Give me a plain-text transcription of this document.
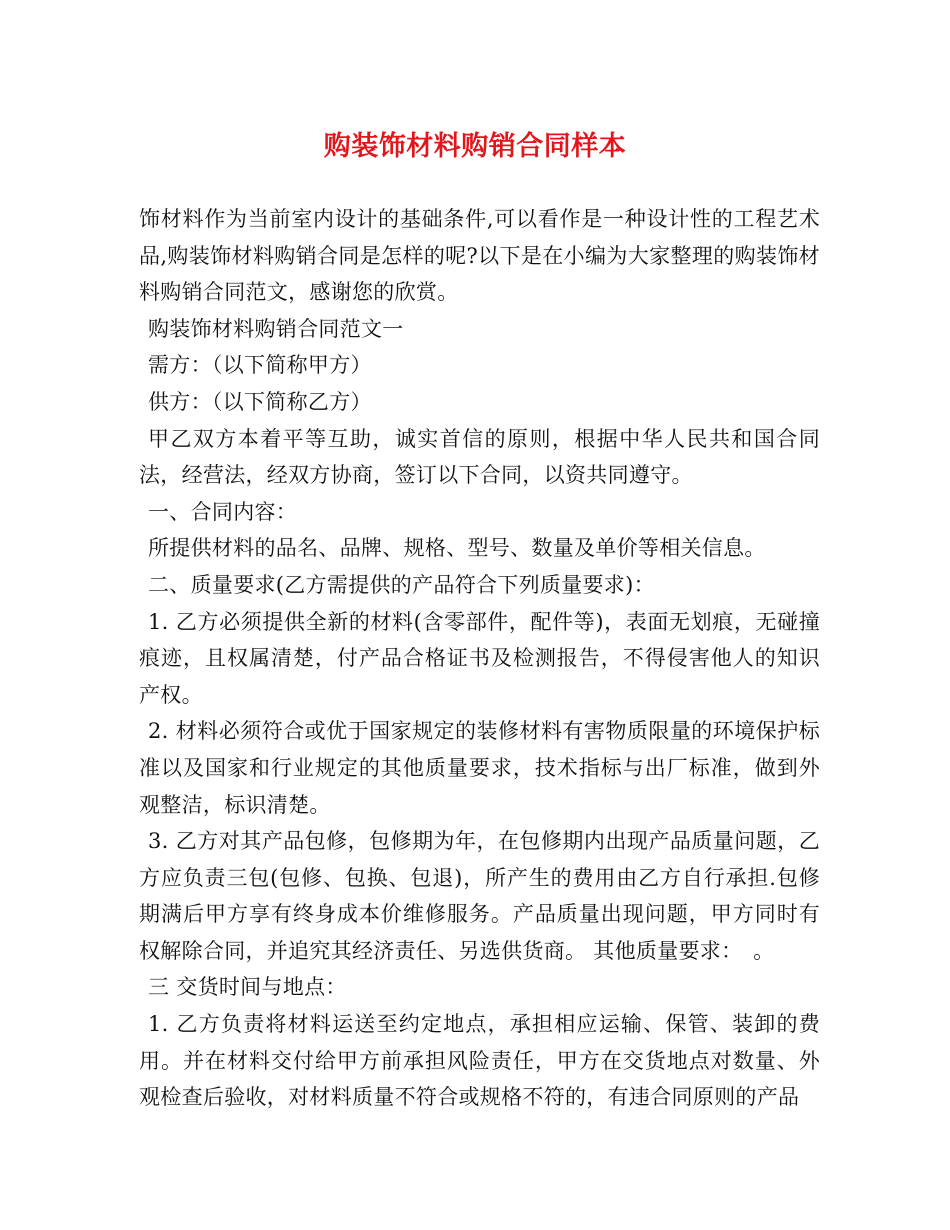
购装饰材料购销合同样本

饰材料作为当前室内设计的基础条件,可以看作是一种设计性的工程艺术品,购装饰材料购销合同是怎样的呢?以下是在小编为大家整理的购装饰材料购销合同范文，感谢您的欣赏。

购装饰材料购销合同范文一

需方：（以下简称甲方）

供方：（以下简称乙方）

甲乙双方本着平等互助，诚实首信的原则，根据中华人民共和国合同法，经营法，经双方协商，签订以下合同，以资共同遵守。

一、合同内容：

所提供材料的品名、品牌、规格、型号、数量及单价等相关信息。

二、质量要求(乙方需提供的产品符合下列质量要求)：

1. 乙方必须提供全新的材料(含零部件，配件等)，表面无划痕，无碰撞痕迹，且权属清楚，付产品合格证书及检测报告，不得侵害他人的知识产权。

2. 材料必须符合或优于国家规定的装修材料有害物质限量的环境保护标准以及国家和行业规定的其他质量要求，技术指标与出厂标准，做到外观整洁，标识清楚。

3. 乙方对其产品包修，包修期为年，在包修期内出现产品质量问题，乙方应负责三包(包修、包换、包退)，所产生的费用由乙方自行承担.包修期满后甲方享有终身成本价维修服务。产品质量出现问题，甲方同时有权解除合同，并追究其经济责任、另选供货商。 其他质量要求：　。

三 交货时间与地点：

1. 乙方负责将材料运送至约定地点，承担相应运输、保管、装卸的费用。并在材料交付给甲方前承担风险责任，甲方在交货地点对数量、外观检查后验收，对材料质量不符合或规格不符的，有违合同原则的产品
